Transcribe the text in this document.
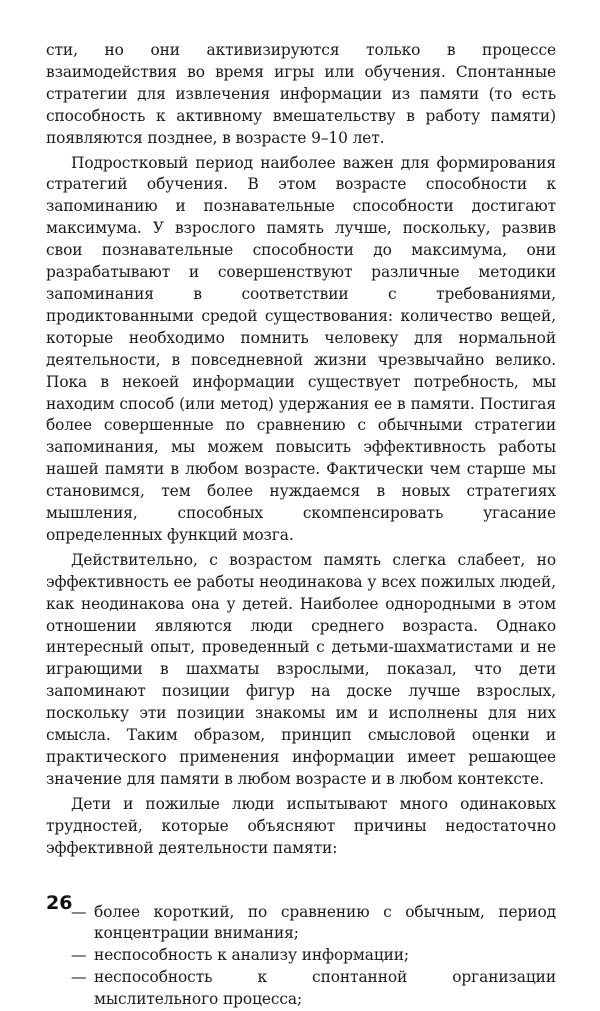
сти, но они активизируются только в процессе взаимодействия во время игры или обучения. Спонтанные стратегии для извлечения информации из памяти (то есть способность к активному вмешательству в работу памяти) появляются позднее, в возрасте 9–10 лет.

Подростковый период наиболее важен для формирования стратегий обучения. В этом возрасте способности к запоминанию и познавательные способности достигают максимума. У взрослого память лучше, поскольку, развив свои познавательные способности до максимума, они разрабатывают и совершенствуют различные методики запоминания в соответствии с требованиями, продиктованными средой существования: количество вещей, которые необходимо помнить человеку для нормальной деятельности, в повседневной жизни чрезвычайно велико. Пока в некоей информации существует потребность, мы находим способ (или метод) удержания ее в памяти. Постигая более совершенные по сравнению с обычными стратегии запоминания, мы можем повысить эффективность работы нашей памяти в любом возрасте. Фактически чем старше мы становимся, тем более нуждаемся в новых стратегиях мышления, способных скомпенсировать угасание определенных функций мозга.

Действительно, с возрастом память слегка слабеет, но эффективность ее работы неодинакова у всех пожилых людей, как неодинакова она у детей. Наиболее однородными в этом отношении являются люди среднего возраста. Однако интересный опыт, проведенный с детьми-шахматистами и не играющими в шахматы взрослыми, показал, что дети запоминают позиции фигур на доске лучше взрослых, поскольку эти позиции знакомы им и исполнены для них смысла. Таким образом, принцип смысловой оценки и практического применения информации имеет решающее значение для памяти в любом возрасте и в любом контексте.

Дети и пожилые люди испытывают много одинаковых трудностей, которые объясняют причины недостаточно эффективной деятельности памяти:

— более короткий, по сравнению с обычным, период концентрации внимания;
— неспособность к анализу информации;
— неспособность к спонтанной организации мыслительного процесса;
26
